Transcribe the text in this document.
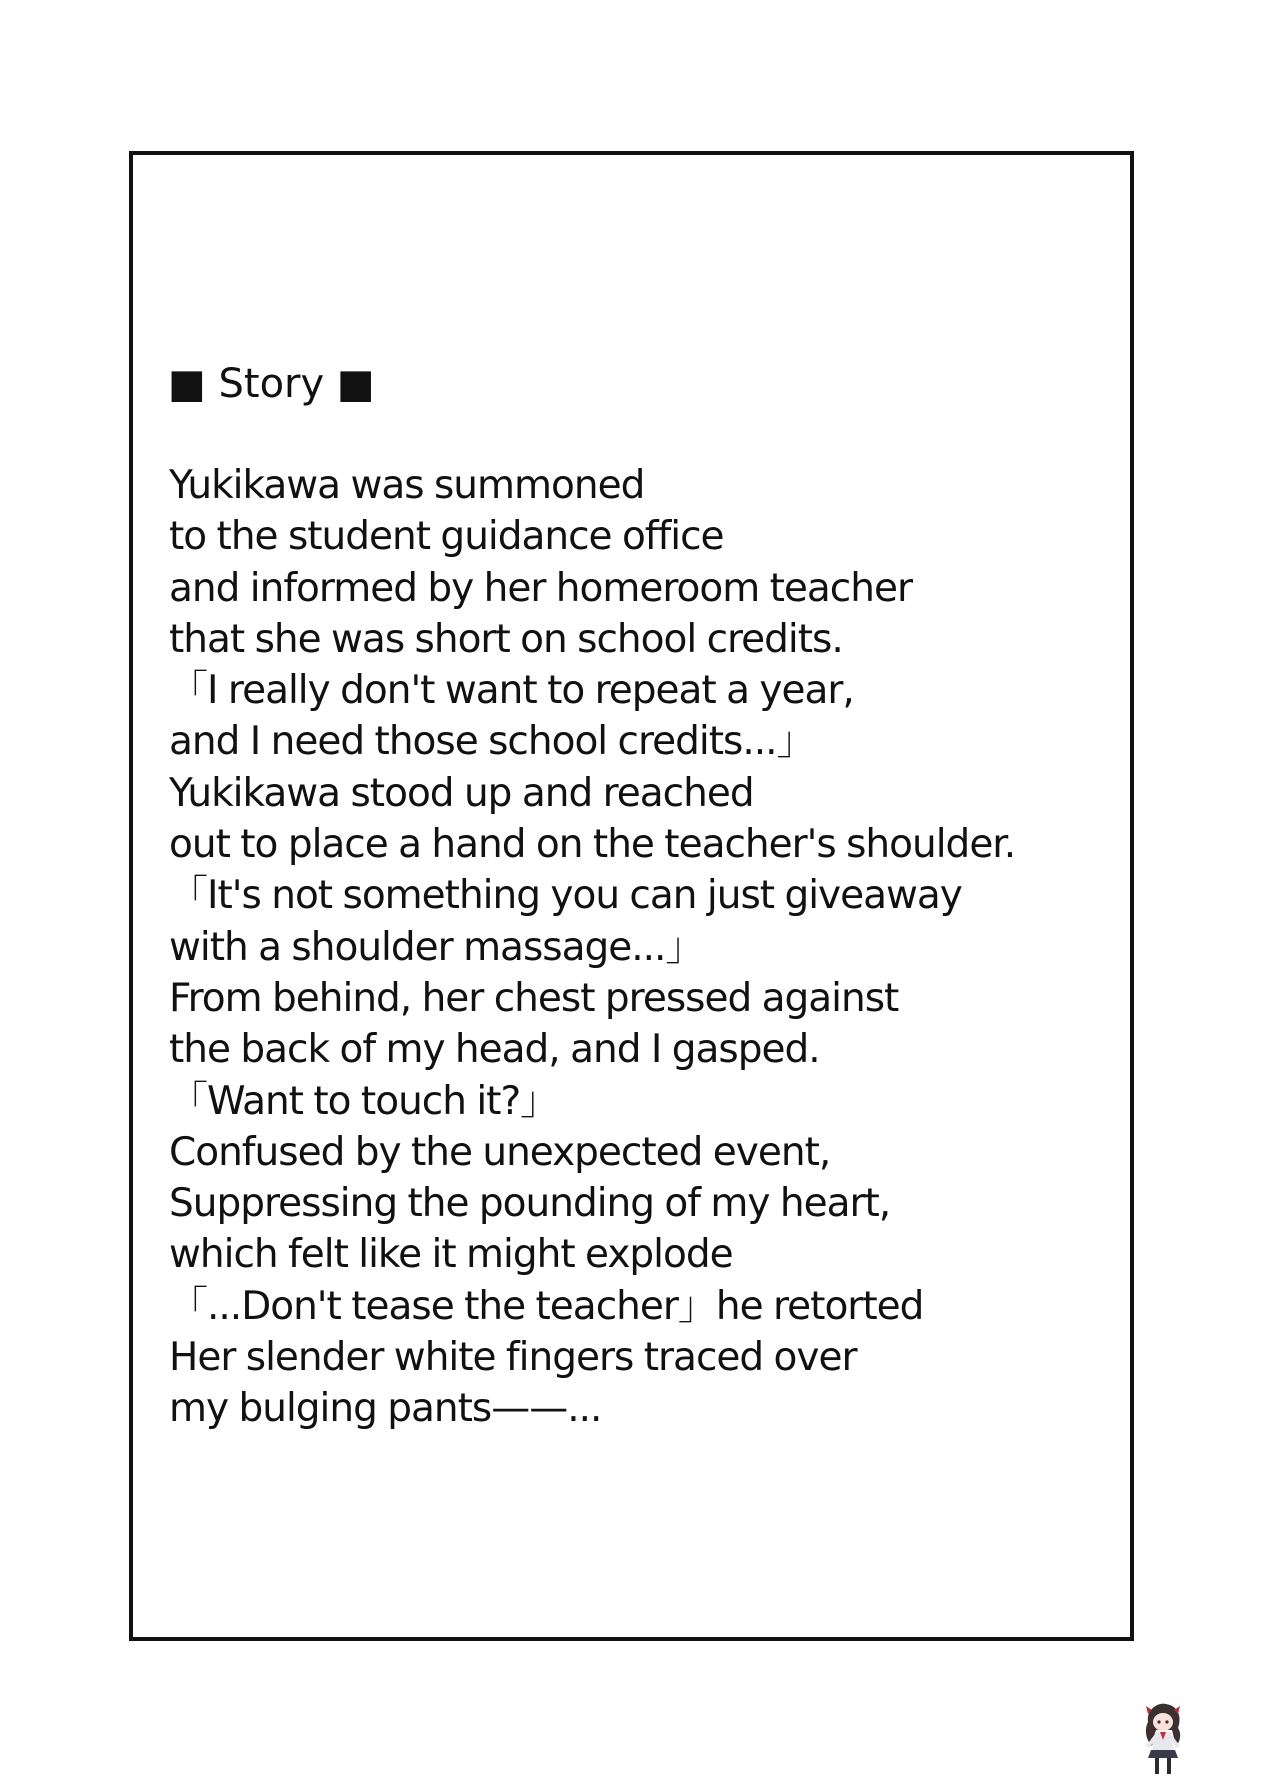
■ Story ■
Yukikawa was summoned
to the student guidance office
and informed by her homeroom teacher
that she was short on school credits.
「I really don't want to repeat a year,
and I need those school credits...」
Yukikawa stood up and reached
out to place a hand on the teacher's shoulder.
「It's not something you can just giveaway
with a shoulder massage...」
From behind, her chest pressed against
the back of my head, and I gasped.
「Want to touch it?」
Confused by the unexpected event,
Suppressing the pounding of my heart,
which felt like it might explode
「...Don't tease the teacher」he retorted
Her slender white fingers traced over
my bulging pants——...
